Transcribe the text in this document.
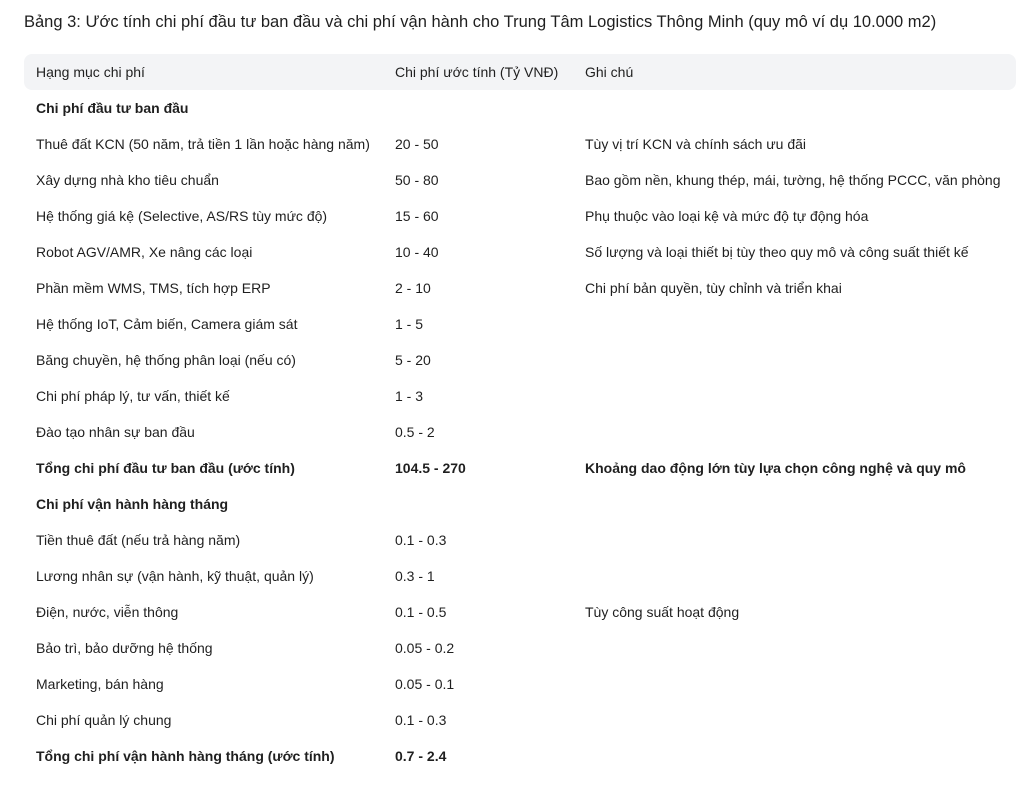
Bảng 3: Ước tính chi phí đầu tư ban đầu và chi phí vận hành cho Trung Tâm Logistics Thông Minh (quy mô ví dụ 10.000 m2)
Hạng mục chi phí	Chi phí ước tính (Tỷ VNĐ)	Ghi chú
Chi phí đầu tư ban đầu
Thuê đất KCN (50 năm, trả tiền 1 lần hoặc hàng năm)	20 - 50	Tùy vị trí KCN và chính sách ưu đãi
Xây dựng nhà kho tiêu chuẩn	50 - 80	Bao gồm nền, khung thép, mái, tường, hệ thống PCCC, văn phòng
Hệ thống giá kệ (Selective, AS/RS tùy mức độ)	15 - 60	Phụ thuộc vào loại kệ và mức độ tự động hóa
Robot AGV/AMR, Xe nâng các loại	10 - 40	Số lượng và loại thiết bị tùy theo quy mô và công suất thiết kế
Phần mềm WMS, TMS, tích hợp ERP	2 - 10	Chi phí bản quyền, tùy chỉnh và triển khai
Hệ thống IoT, Cảm biến, Camera giám sát	1 - 5
Băng chuyền, hệ thống phân loại (nếu có)	5 - 20
Chi phí pháp lý, tư vấn, thiết kế	1 - 3
Đào tạo nhân sự ban đầu	0.5 - 2
Tổng chi phí đầu tư ban đầu (ước tính)	104.5 - 270	Khoảng dao động lớn tùy lựa chọn công nghệ và quy mô
Chi phí vận hành hàng tháng
Tiền thuê đất (nếu trả hàng năm)	0.1 - 0.3
Lương nhân sự (vận hành, kỹ thuật, quản lý)	0.3 - 1
Điện, nước, viễn thông	0.1 - 0.5	Tùy công suất hoạt động
Bảo trì, bảo dưỡng hệ thống	0.05 - 0.2
Marketing, bán hàng	0.05 - 0.1
Chi phí quản lý chung	0.1 - 0.3
Tổng chi phí vận hành hàng tháng (ước tính)	0.7 - 2.4
